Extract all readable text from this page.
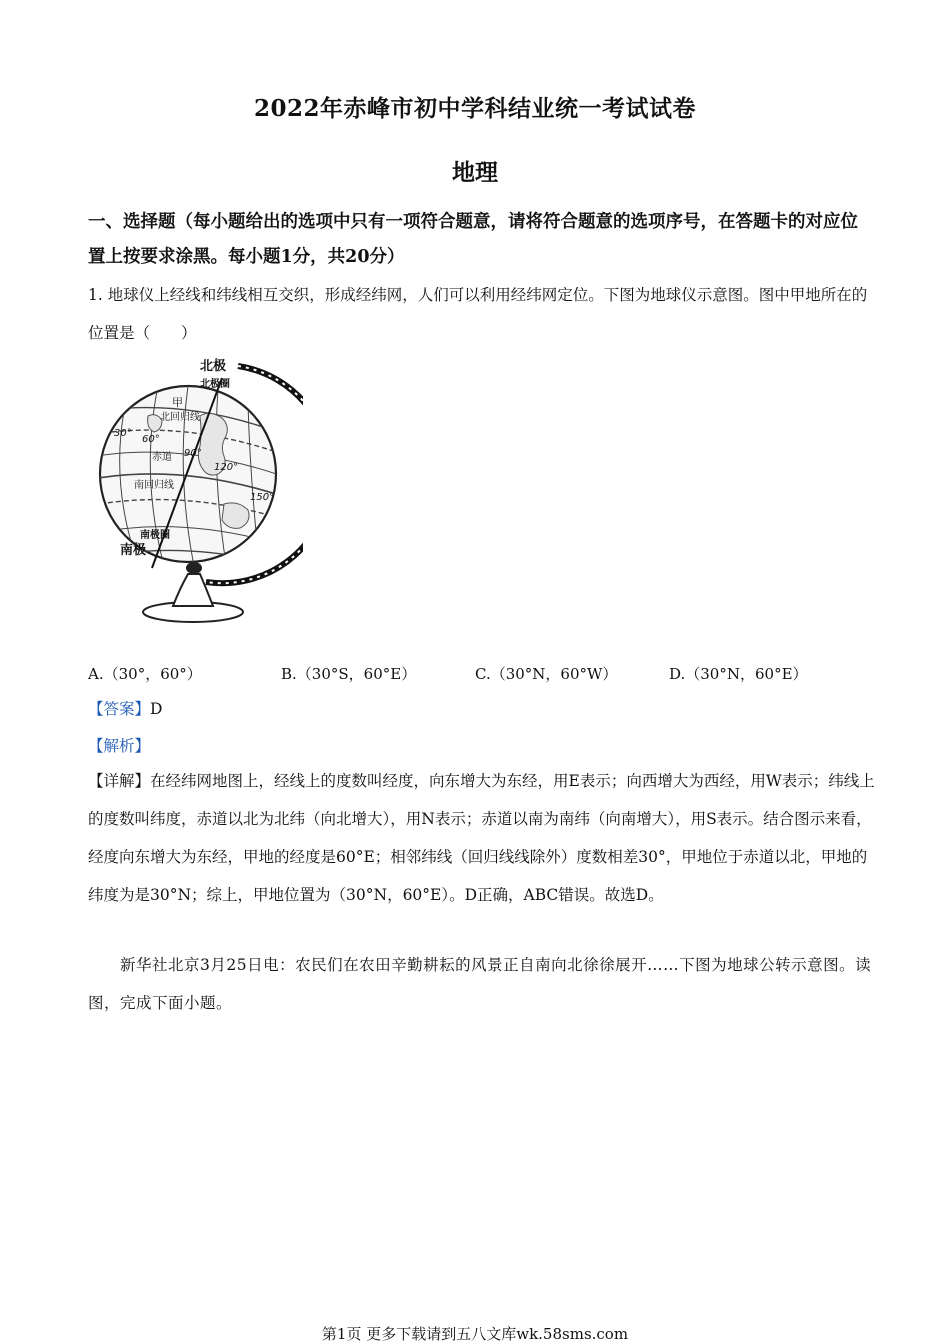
2022年赤峰市初中学科结业统一考试试卷
地理
一、选择题（每小题给出的选项中只有一项符合题意，请将符合题意的选项序号，在答题卡的对应位置上按要求涂黑。每小题1分，共20分）
1. 地球仪上经线和纬线相互交织，形成经纬网，人们可以利用经纬网定位。下图为地球仪示意图。图中甲地所在的位置是（　　）
北极
北极圈
甲
北回归线
赤道
南回归线
南极圈
南极
30°
60°
90°
120°
150°
A.（30°，60°）	B.（30°S，60°E）	C.（30°N，60°W）	D.（30°N，60°E）
【答案】D
【解析】
【详解】在经纬网地图上，经线上的度数叫经度，向东增大为东经，用E表示；向西增大为西经，用W表示；纬线上的度数叫纬度，赤道以北为北纬（向北增大），用N表示；赤道以南为南纬（向南增大），用S表示。结合图示来看，经度向东增大为东经，甲地的经度是60°E；相邻纬线（回归线线除外）度数相差30°，甲地位于赤道以北，甲地的纬度为是30°N；综上，甲地位置为（30°N，60°E）。D正确，ABC错误。故选D。
新华社北京3月25日电：农民们在农田辛勤耕耘的风景正自南向北徐徐展开……下图为地球公转示意图。读图，完成下面小题。
第1页 更多下载请到五八文库wk.58sms.com
